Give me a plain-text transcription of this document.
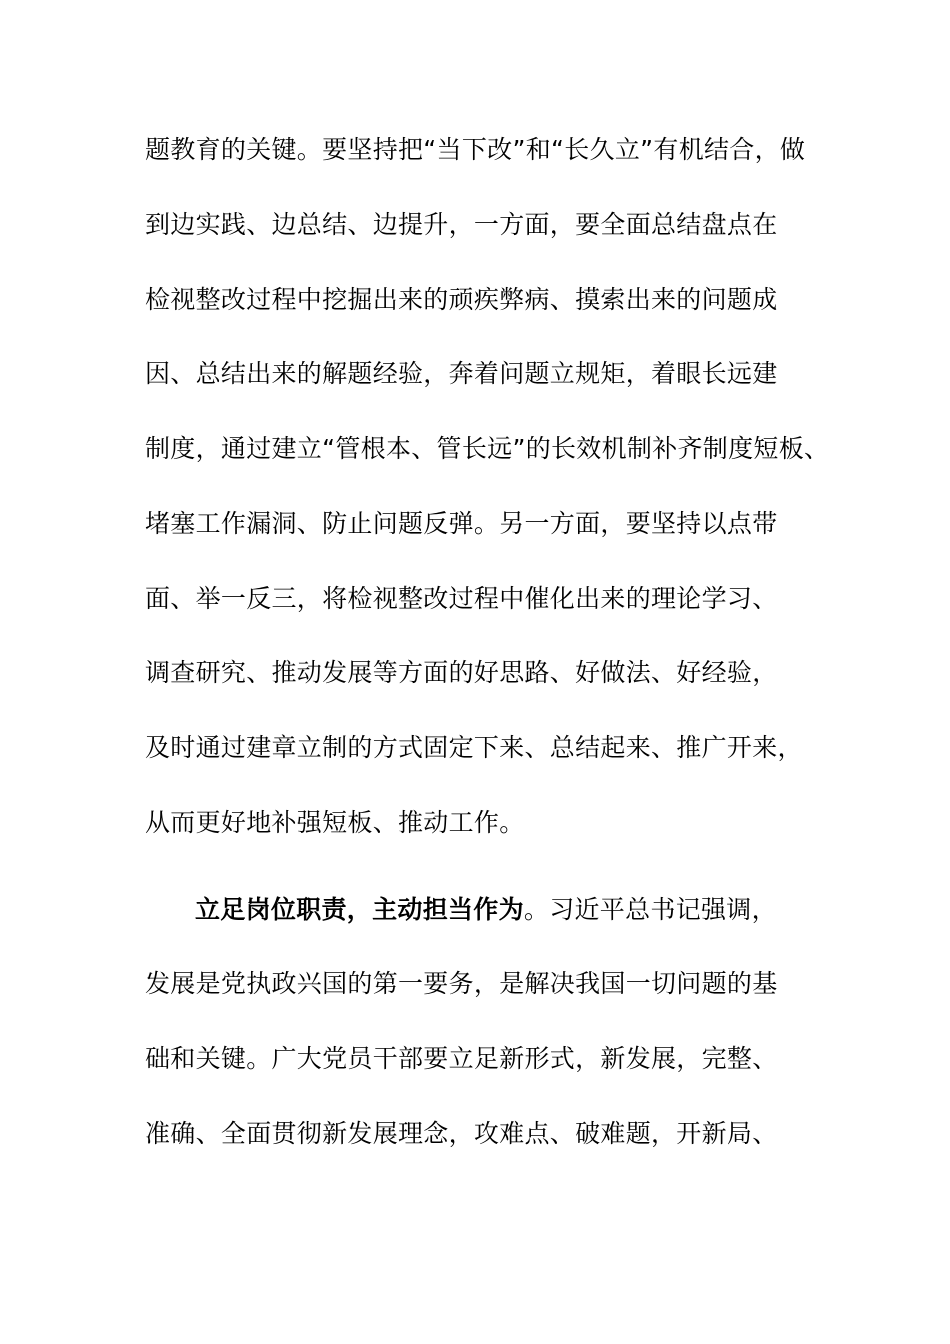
题教育的关键。要坚持把“当下改”和“长久立”有机结合，做
到边实践、边总结、边提升，一方面，要全面总结盘点在
检视整改过程中挖掘出来的顽疾弊病、摸索出来的问题成
因、总结出来的解题经验，奔着问题立规矩，着眼长远建
制度，通过建立“管根本、管长远”的长效机制补齐制度短板、
堵塞工作漏洞、防止问题反弹。另一方面，要坚持以点带
面、举一反三，将检视整改过程中催化出来的理论学习、
调查研究、推动发展等方面的好思路、好做法、好经验，
及时通过建章立制的方式固定下来、总结起来、推广开来，
从而更好地补强短板、推动工作。
立足岗位职责，主动担当作为。习近平总书记强调，
发展是党执政兴国的第一要务，是解决我国一切问题的基
础和关键。广大党员干部要立足新形式，新发展，完整、
准确、全面贯彻新发展理念，攻难点、破难题，开新局、
